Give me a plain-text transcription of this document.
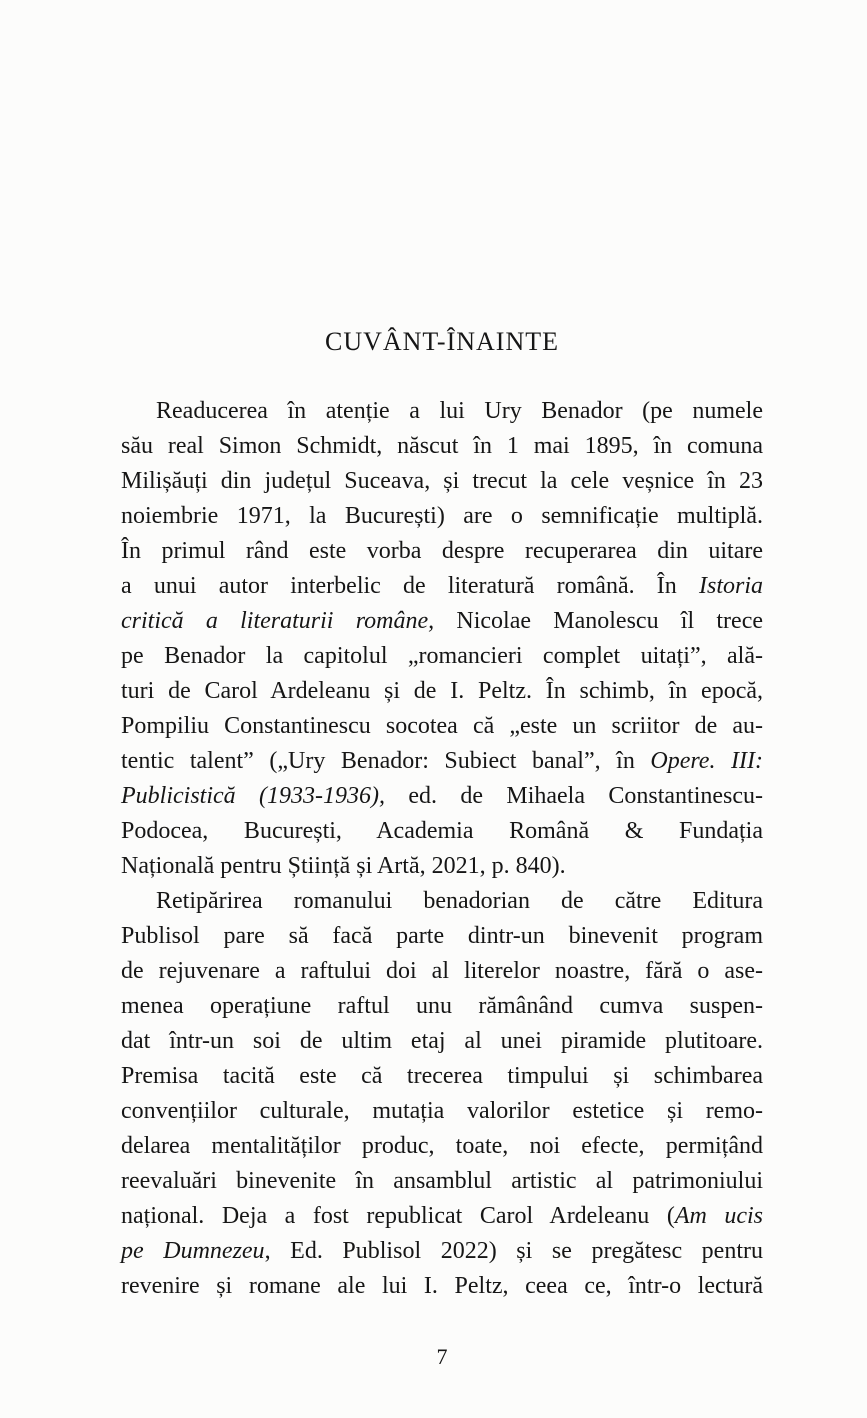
CUVÂNT-ÎNAINTE
Readucerea în atenție a lui Ury Benador (pe numele
său real Simon Schmidt, născut în 1 mai 1895, în comuna
Milișăuți din județul Suceava, și trecut la cele veșnice în 23
noiembrie 1971, la București) are o semnificație multiplă.
În primul rând este vorba despre recuperarea din uitare
a unui autor interbelic de literatură română. În Istoria
critică a literaturii române, Nicolae Manolescu îl trece
pe Benador la capitolul „romancieri complet uitați”, ală-
turi de Carol Ardeleanu și de I. Peltz. În schimb, în epocă,
Pompiliu Constantinescu socotea că „este un scriitor de au-
tentic talent” („Ury Benador: Subiect banal”, în Opere. III:
Publicistică (1933-1936), ed. de Mihaela Constantinescu-
Podocea, București, Academia Română & Fundația
Națională pentru Știință și Artă, 2021, p. 840).
Retipărirea romanului benadorian de către Editura
Publisol pare să facă parte dintr-un binevenit program
de rejuvenare a raftului doi al literelor noastre, fără o ase-
menea operațiune raftul unu rămânând cumva suspen-
dat într-un soi de ultim etaj al unei piramide plutitoare.
Premisa tacită este că trecerea timpului și schimbarea
convențiilor culturale, mutația valorilor estetice și remo-
delarea mentalităților produc, toate, noi efecte, permițând
reevaluări binevenite în ansamblul artistic al patrimoniului
național. Deja a fost republicat Carol Ardeleanu (Am ucis
pe Dumnezeu, Ed. Publisol 2022) și se pregătesc pentru
revenire și romane ale lui I. Peltz, ceea ce, într-o lectură
7
